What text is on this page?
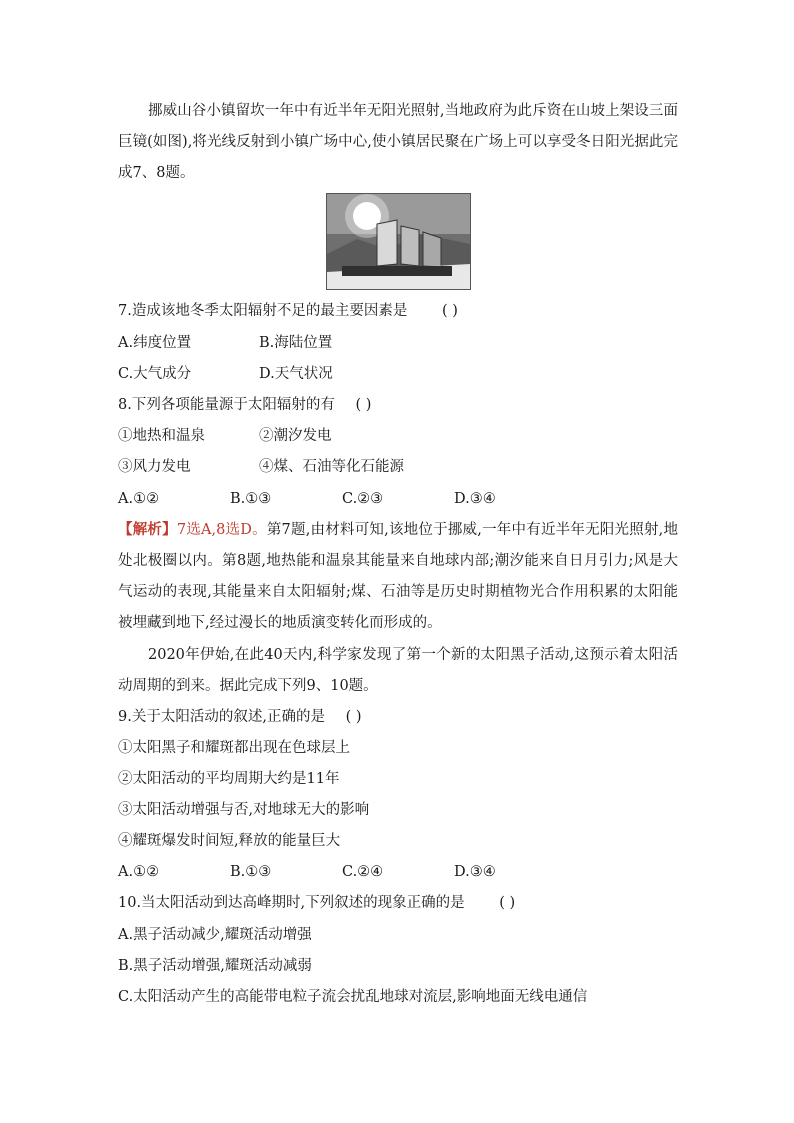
挪威山谷小镇留坎一年中有近半年无阳光照射,当地政府为此斥资在山坡上架设三面巨镜(如图),将光线反射到小镇广场中心,使小镇居民聚在广场上可以享受冬日阳光据此完成7、8题。
7.造成该地冬季太阳辐射不足的最主要因素是 ( )
A.纬度位置	B.海陆位置
C.大气成分	D.天气状况
8.下列各项能量源于太阳辐射的有 ( )
①地热和温泉	②潮汐发电
③风力发电	④煤、石油等化石能源
A.①②	B.①③	C.②③	D.③④
【解析】7选A,8选D。第7题,由材料可知,该地位于挪威,一年中有近半年无阳光照射,地处北极圈以内。第8题,地热能和温泉其能量来自地球内部;潮汐能来自日月引力;风是大气运动的表现,其能量来自太阳辐射;煤、石油等是历史时期植物光合作用积累的太阳能被埋藏到地下,经过漫长的地质演变转化而形成的。
2020年伊始,在此40天内,科学家发现了第一个新的太阳黑子活动,这预示着太阳活动周期的到来。据此完成下列9、10题。
9.关于太阳活动的叙述,正确的是 ( )
①太阳黑子和耀斑都出现在色球层上
②太阳活动的平均周期大约是11年
③太阳活动增强与否,对地球无大的影响
④耀斑爆发时间短,释放的能量巨大
A.①②	B.①③	C.②④	D.③④
10.当太阳活动到达高峰期时,下列叙述的现象正确的是 ( )
A.黑子活动减少,耀斑活动增强
B.黑子活动增强,耀斑活动减弱
C.太阳活动产生的高能带电粒子流会扰乱地球对流层,影响地面无线电通信
